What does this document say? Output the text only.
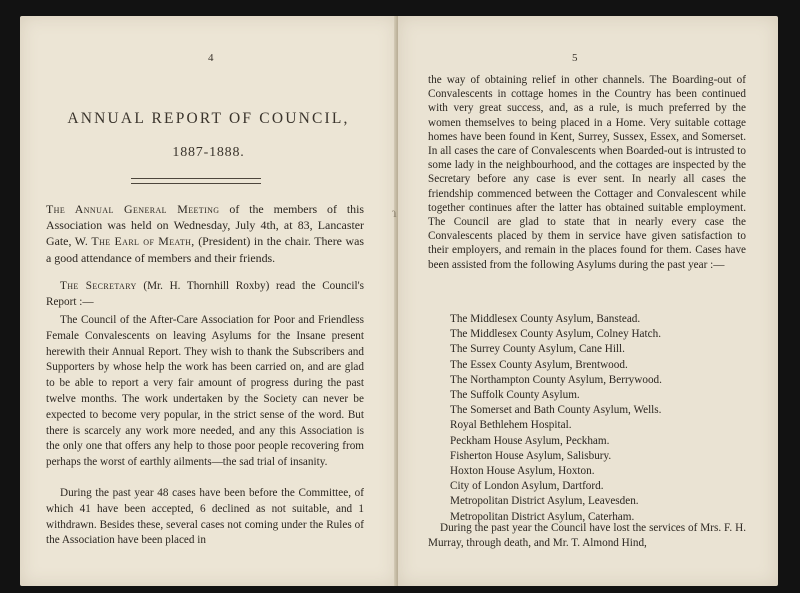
4
ANNUAL REPORT OF COUNCIL,
1887-1888.

The Annual General Meeting of the members of this Association was held on Wednesday, July 4th, at 83, Lancaster Gate, W. The Earl of Meath, (President) in the chair. There was a good attendance of members and their friends.

The Secretary (Mr. H. Thornhill Roxby) read the Council's Report :—

The Council of the After-Care Association for Poor and Friendless Female Convalescents on leaving Asylums for the Insane present herewith their Annual Report. They wish to thank the Subscribers and Supporters by whose help the work has been carried on, and are glad to be able to report a very fair amount of progress during the past twelve months. The work undertaken by the Society can never be expected to become very popular, in the strict sense of the word. But there is scarcely any work more needed, and any this Association is the only one that offers any help to those poor people recovering from perhaps the worst of earthly ailments—the sad trial of insanity.

During the past year 48 cases have been before the Committee, of which 41 have been accepted, 6 declined as not suitable, and 1 withdrawn. Besides these, several cases not coming under the Rules of the Association have been placed in

5

the way of obtaining relief in other channels. The Boarding-out of Convalescents in cottage homes in the Country has been continued with very great success, and, as a rule, is much preferred by the women themselves to being placed in a Home. Very suitable cottage homes have been found in Kent, Surrey, Sussex, Essex, and Somerset. In all cases the care of Convalescents when Boarded-out is intrusted to some lady in the neighbourhood, and the cottages are inspected by the Secretary before any case is ever sent. In nearly all cases the friendship commenced between the Cottager and Convalescent while together continues after the latter has obtained suitable employment. The Council are glad to state that in nearly every case the Convalescents placed by them in service have given satisfaction to their employers, and remain in the places found for them. Cases have been assisted from the following Asylums during the past year :—

The Middlesex County Asylum, Banstead.
The Middlesex County Asylum, Colney Hatch.
The Surrey County Asylum, Cane Hill.
The Essex County Asylum, Brentwood.
The Northampton County Asylum, Berrywood.
The Suffolk County Asylum.
The Somerset and Bath County Asylum, Wells.
Royal Bethlehem Hospital.
Peckham House Asylum, Peckham.
Fisherton House Asylum, Salisbury.
Hoxton House Asylum, Hoxton.
City of London Asylum, Dartford.
Metropolitan District Asylum, Leavesden.
Metropolitan District Asylum, Caterham.

During the past year the Council have lost the services of Mrs. F. H. Murray, through death, and Mr. T. Almond Hind,

ɿ
